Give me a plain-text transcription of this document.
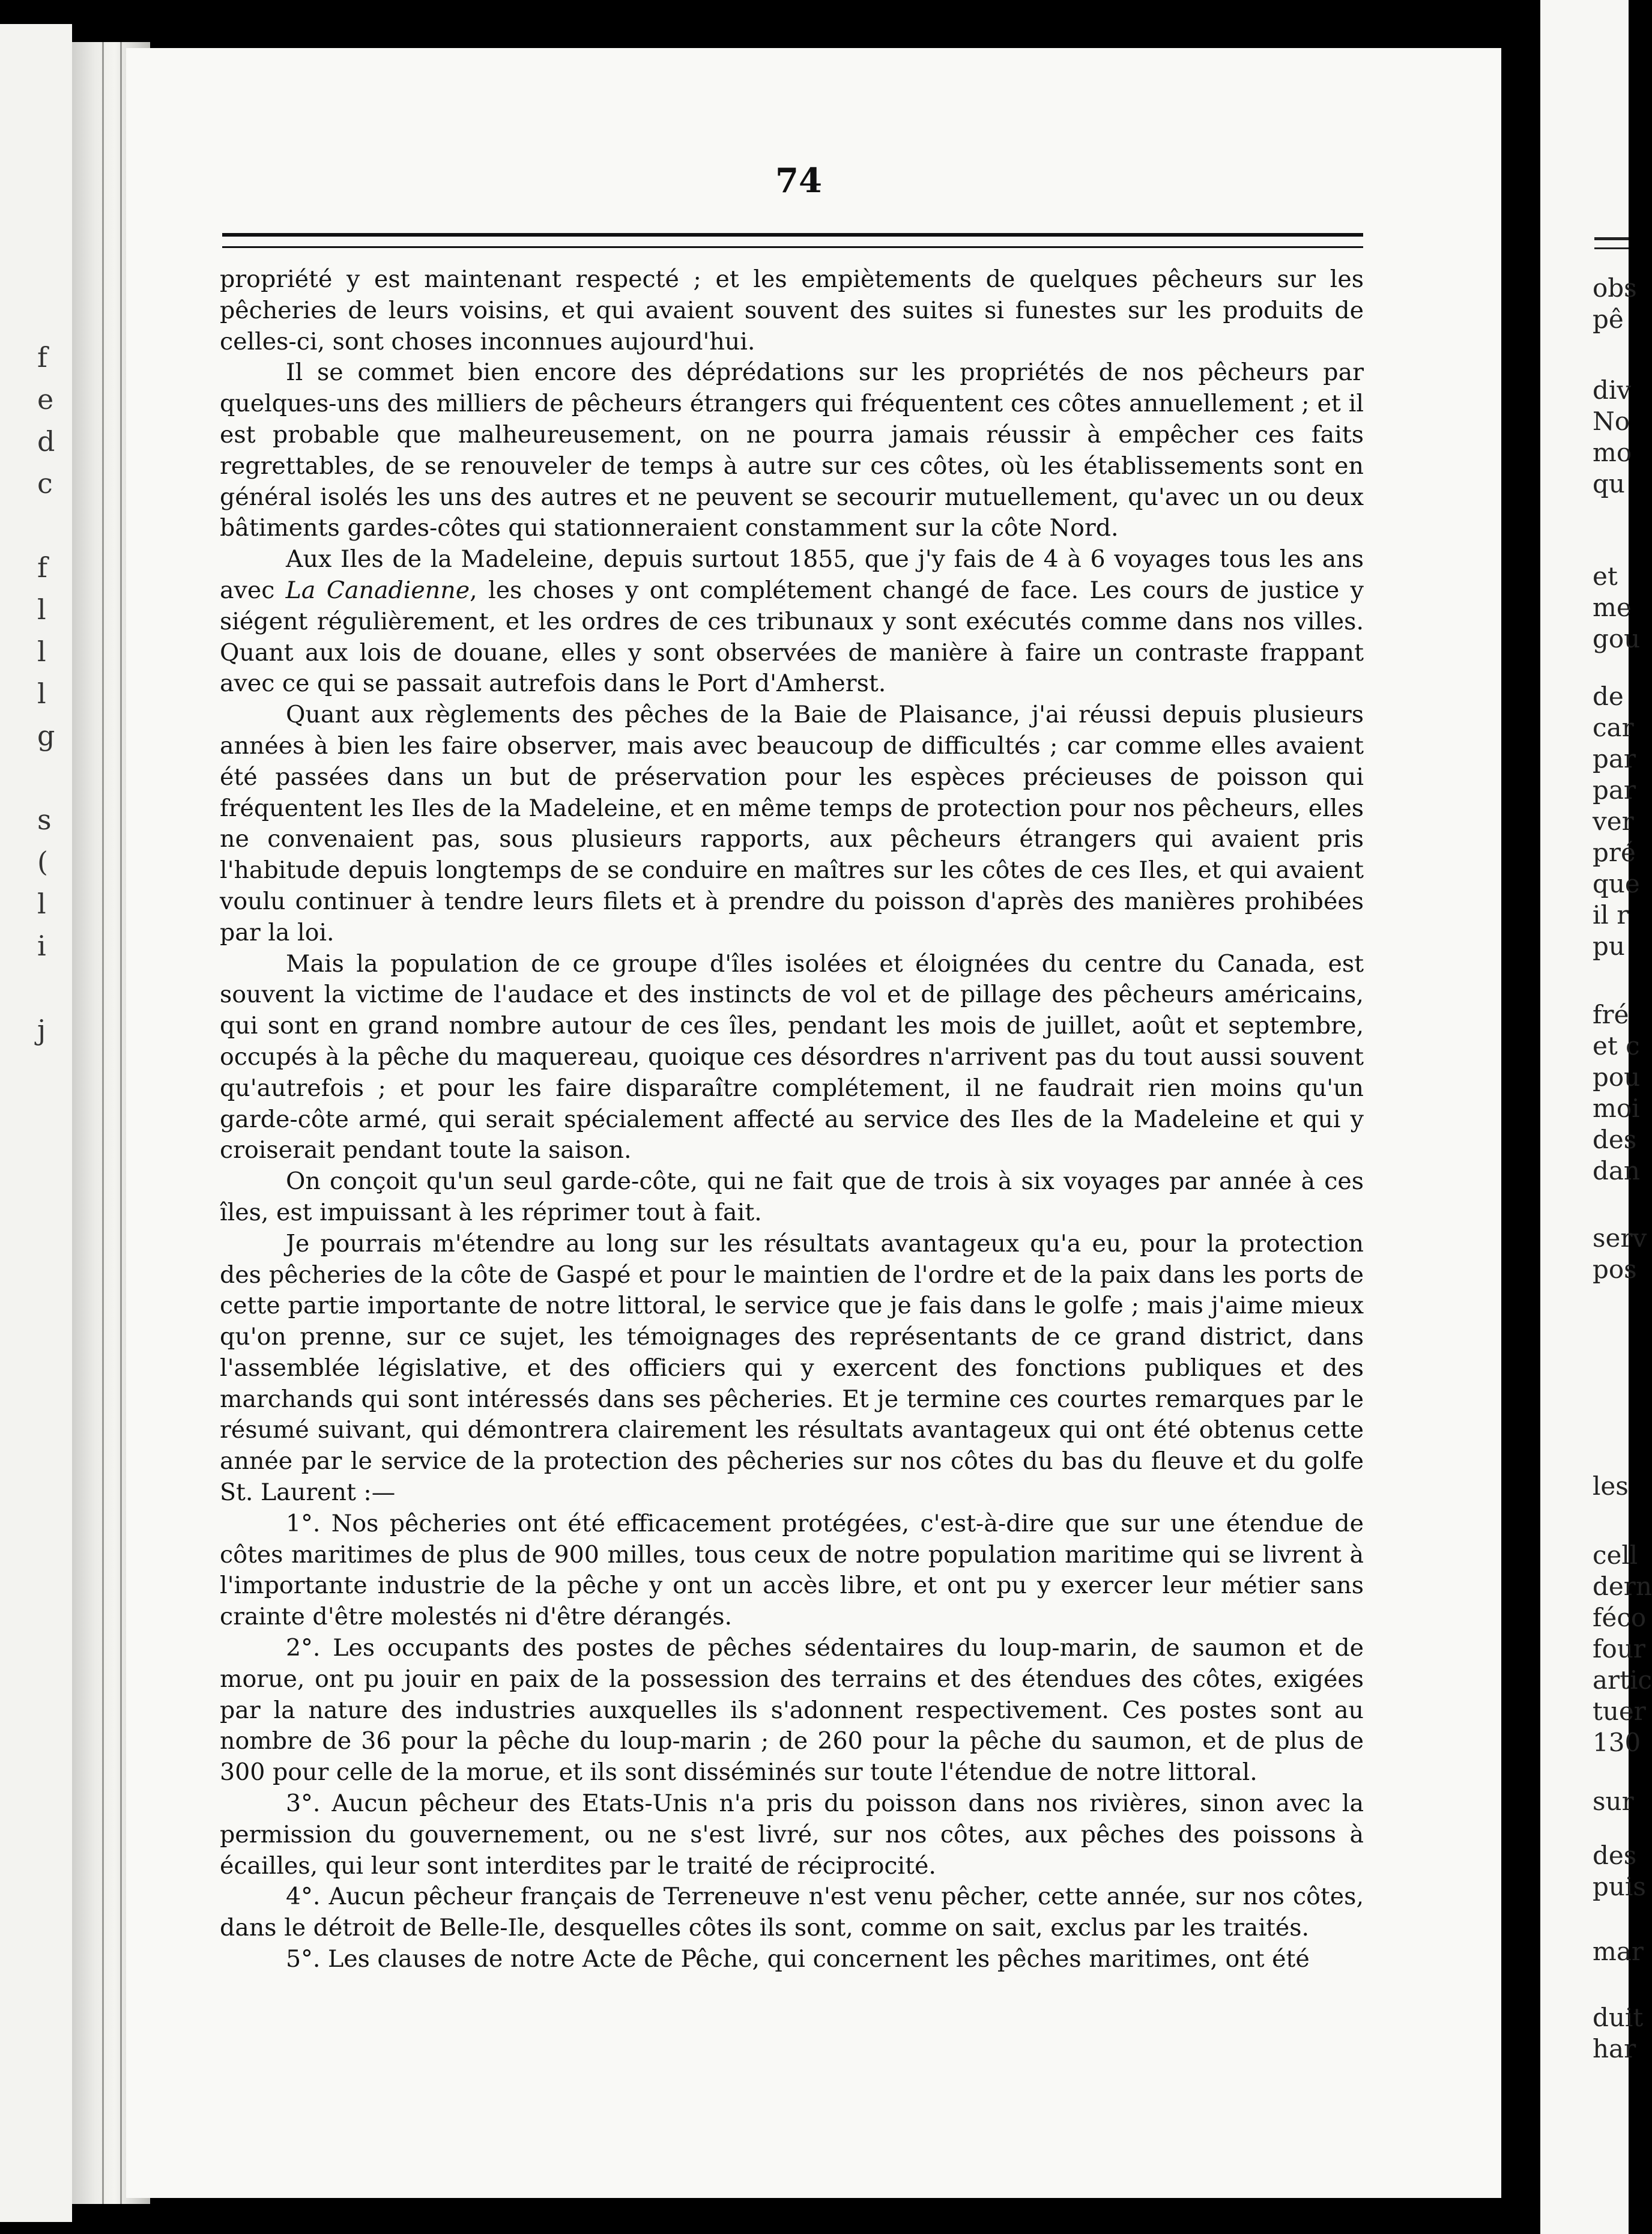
f
e
d
c

f
l
l
l
g

s
(
l
i

j
74

propriété y est maintenant respecté ; et les empiètements de quelques pêcheurs sur les pêcheries de leurs voisins, et qui avaient souvent des suites si funestes sur les produits de celles-ci, sont choses inconnues aujourd'hui.

Il se commet bien encore des déprédations sur les propriétés de nos pêcheurs par quelques-uns des milliers de pêcheurs étrangers qui fréquentent ces côtes annuellement ; et il est probable que malheureusement, on ne pourra jamais réussir à empêcher ces faits regrettables, de se renouveler de temps à autre sur ces côtes, où les établissements sont en général isolés les uns des autres et ne peuvent se secourir mutuellement, qu'avec un ou deux bâtiments gardes-côtes qui stationneraient constamment sur la côte Nord.

Aux Iles de la Madeleine, depuis surtout 1855, que j'y fais de 4 à 6 voyages tous les ans avec La Canadienne, les choses y ont complétement changé de face. Les cours de justice y siégent régulièrement, et les ordres de ces tribunaux y sont exécutés comme dans nos villes. Quant aux lois de douane, elles y sont observées de manière à faire un contraste frappant avec ce qui se passait autrefois dans le Port d'Amherst.

Quant aux règlements des pêches de la Baie de Plaisance, j'ai réussi depuis plusieurs années à bien les faire observer, mais avec beaucoup de difficultés ; car comme elles avaient été passées dans un but de préservation pour les espèces précieuses de poisson qui fréquentent les Iles de la Madeleine, et en même temps de protection pour nos pêcheurs, elles ne convenaient pas, sous plusieurs rapports, aux pêcheurs étrangers qui avaient pris l'habitude depuis longtemps de se conduire en maîtres sur les côtes de ces Iles, et qui avaient voulu continuer à tendre leurs filets et à prendre du poisson d'après des manières prohibées par la loi.

Mais la population de ce groupe d'îles isolées et éloignées du centre du Canada, est souvent la victime de l'audace et des instincts de vol et de pillage des pêcheurs américains, qui sont en grand nombre autour de ces îles, pendant les mois de juillet, août et septembre, occupés à la pêche du maquereau, quoique ces désordres n'arrivent pas du tout aussi souvent qu'autrefois ; et pour les faire disparaître complétement, il ne faudrait rien moins qu'un garde-côte armé, qui serait spécialement affecté au service des Iles de la Madeleine et qui y croiserait pendant toute la saison.

On conçoit qu'un seul garde-côte, qui ne fait que de trois à six voyages par année à ces îles, est impuissant à les réprimer tout à fait.

Je pourrais m'étendre au long sur les résultats avantageux qu'a eu, pour la protection des pêcheries de la côte de Gaspé et pour le maintien de l'ordre et de la paix dans les ports de cette partie importante de notre littoral, le service que je fais dans le golfe ; mais j'aime mieux qu'on prenne, sur ce sujet, les témoignages des représentants de ce grand district, dans l'assemblée législative, et des officiers qui y exercent des fonctions publiques et des marchands qui sont intéressés dans ses pêcheries. Et je termine ces courtes remarques par le résumé suivant, qui démontrera clairement les résultats avantageux qui ont été obtenus cette année par le service de la protection des pêcheries sur nos côtes du bas du fleuve et du golfe St. Laurent :—

1°. Nos pêcheries ont été efficacement protégées, c'est-à-dire que sur une étendue de côtes maritimes de plus de 900 milles, tous ceux de notre population maritime qui se livrent à l'importante industrie de la pêche y ont un accès libre, et ont pu y exercer leur métier sans crainte d'être molestés ni d'être dérangés.

2°. Les occupants des postes de pêches sédentaires du loup-marin, de saumon et de morue, ont pu jouir en paix de la possession des terrains et des étendues des côtes, exigées par la nature des industries auxquelles ils s'adonnent respectivement. Ces postes sont au nombre de 36 pour la pêche du loup-marin ; de 260 pour la pêche du saumon, et de plus de 300 pour celle de la morue, et ils sont disséminés sur toute l'étendue de notre littoral.

3°. Aucun pêcheur des Etats-Unis n'a pris du poisson dans nos rivières, sinon avec la permission du gouvernement, ou ne s'est livré, sur nos côtes, aux pêches des poissons à écailles, qui leur sont interdites par le traité de réciprocité.

4°. Aucun pêcheur français de Terreneuve n'est venu pêcher, cette année, sur nos côtes, dans le détroit de Belle-Ile, desquelles côtes ils sont, comme on sait, exclus par les traités.

5°. Les clauses de notre Acte de Pêche, qui concernent les pêches maritimes, ont été

obs
pê
div
No
mo
qu
et
me
gou
de
car
par
par
ver
pré
que
il r
pu
fré
et c
pou
moi
des
dan
serv
pos
les
cell
dern
féco
four
artic
tuer
130
sur
des
puis
mar
duit
har
